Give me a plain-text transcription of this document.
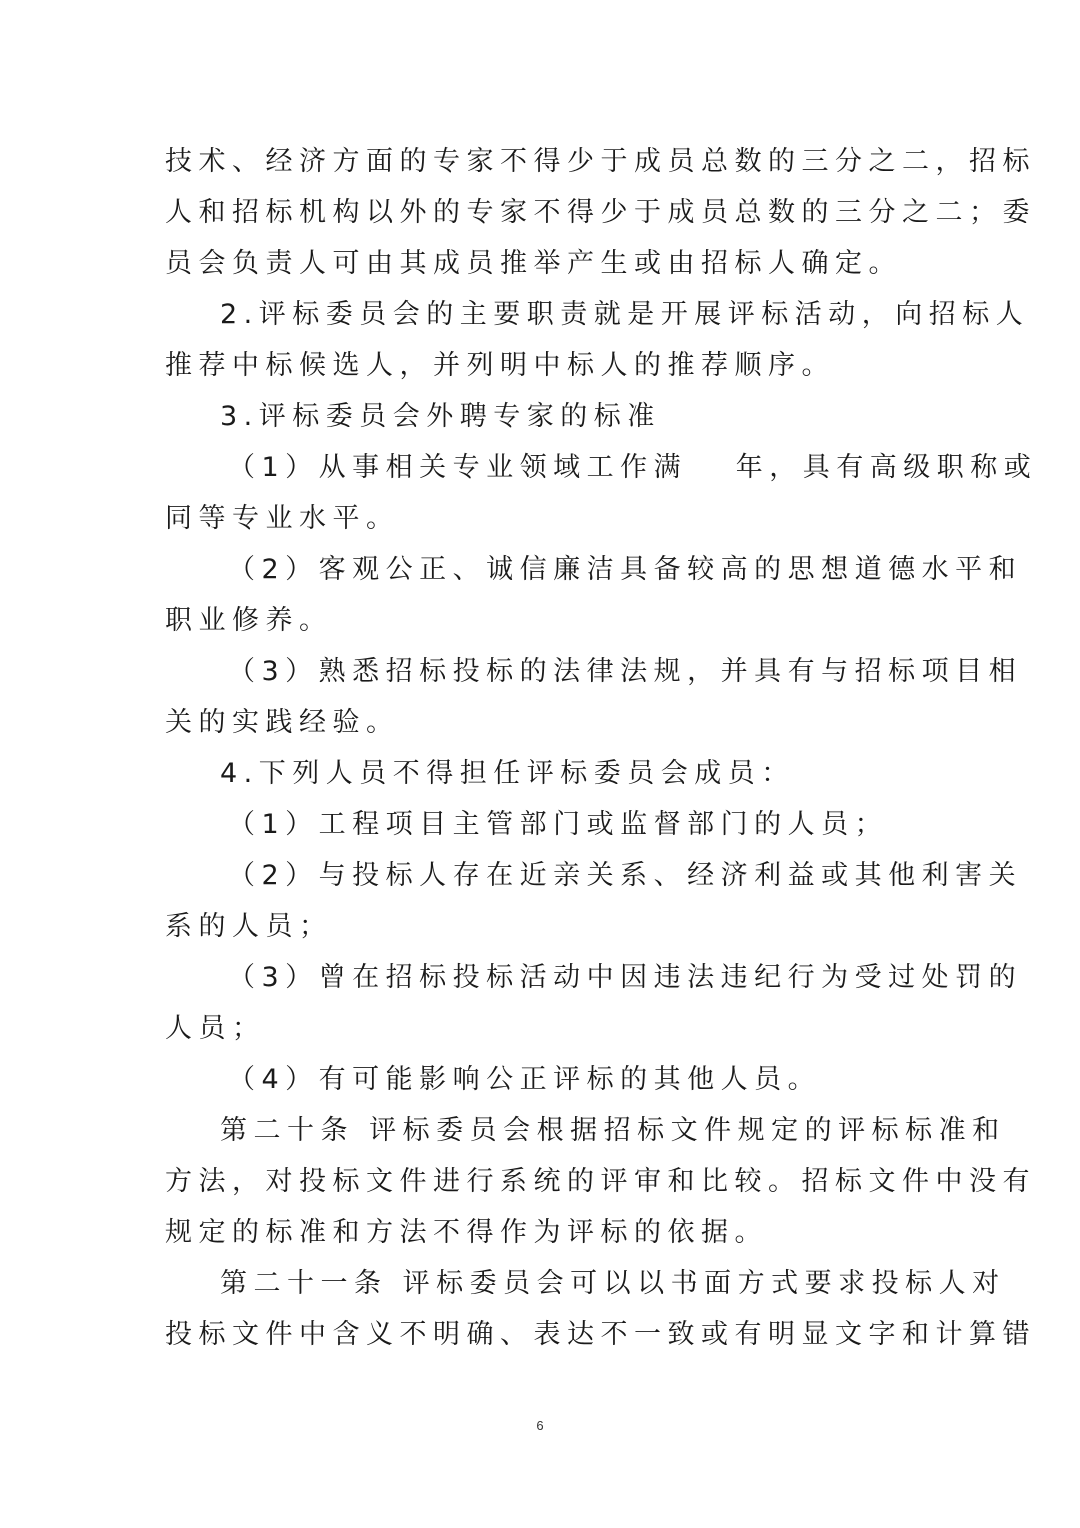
技术、经济方面的专家不得少于成员总数的三分之二，招标
人和招标机构以外的专家不得少于成员总数的三分之二；委
员会负责人可由其成员推举产生或由招标人确定。
2.评标委员会的主要职责就是开展评标活动，向招标人
推荐中标候选人，并列明中标人的推荐顺序。
3.评标委员会外聘专家的标准
（1）从事相关专业领域工作满　 年，具有高级职称或
同等专业水平。
（2）客观公正、诚信廉洁具备较高的思想道德水平和
职业修养。
（3）熟悉招标投标的法律法规，并具有与招标项目相
关的实践经验。
4.下列人员不得担任评标委员会成员：
（1）工程项目主管部门或监督部门的人员；
（2）与投标人存在近亲关系、经济利益或其他利害关
系的人员；
（3）曾在招标投标活动中因违法违纪行为受过处罚的
人员；
（4）有可能影响公正评标的其他人员。
第二十条 评标委员会根据招标文件规定的评标标准和
方法，对投标文件进行系统的评审和比较。招标文件中没有
规定的标准和方法不得作为评标的依据。
第二十一条 评标委员会可以以书面方式要求投标人对
投标文件中含义不明确、表达不一致或有明显文字和计算错
6
